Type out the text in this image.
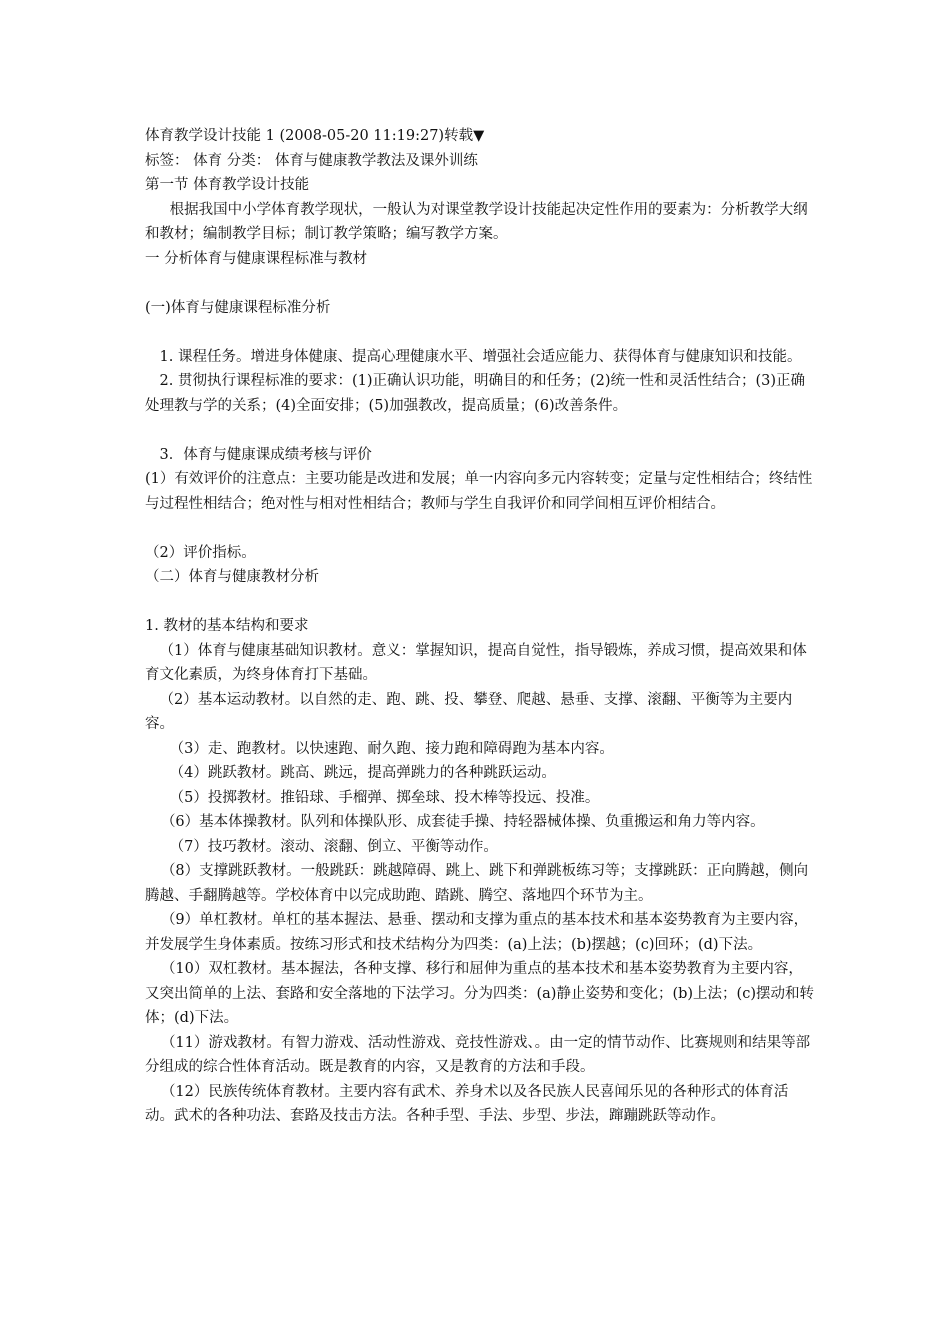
体育教学设计技能 1 (2008-05-20 11:19:27)转载▼

标签： 体育 分类： 体育与健康教学教法及课外训练

第一节 体育教学设计技能

根据我国中小学体育教学现状，一般认为对课堂教学设计技能起决定性作用的要素为：分析教学大纲和教材；编制教学目标；制订教学策略；编写教学方案。

一 分析体育与健康课程标准与教材

(一)体育与健康课程标准分析

1. 课程任务。增进身体健康、提高心理健康水平、增强社会适应能力、获得体育与健康知识和技能。

2. 贯彻执行课程标准的要求：(1)正确认识功能，明确目的和任务；(2)统一性和灵活性结合；(3)正确处理教与学的关系；(4)全面安排；(5)加强教改，提高质量；(6)改善条件。

3．体育与健康课成绩考核与评价

(1）有效评价的注意点：主要功能是改进和发展；单一内容向多元内容转变；定量与定性相结合；终结性与过程性相结合；绝对性与相对性相结合；教师与学生自我评价和同学间相互评价相结合。

（2）评价指标。

（二）体育与健康教材分析

1. 教材的基本结构和要求

（1）体育与健康基础知识教材。意义：掌握知识，提高自觉性，指导锻炼，养成习惯，提高效果和体育文化素质，为终身体育打下基础。

（2）基本运动教材。以自然的走、跑、跳、投、攀登、爬越、悬垂、支撑、滚翻、平衡等为主要内容。

（3）走、跑教材。以快速跑、耐久跑、接力跑和障碍跑为基本内容。

（4）跳跃教材。跳高、跳远，提高弹跳力的各种跳跃运动。

（5）投掷教材。推铅球、手榴弹、掷垒球、投木棒等投远、投准。

（6）基本体操教材。队列和体操队形、成套徒手操、持轻器械体操、负重搬运和角力等内容。

（7）技巧教材。滚动、滚翻、倒立、平衡等动作。

（8）支撑跳跃教材。一般跳跃：跳越障碍、跳上、跳下和弹跳板练习等；支撑跳跃：正向腾越，侧向腾越、手翻腾越等。学校体育中以完成助跑、踏跳、腾空、落地四个环节为主。

（9）单杠教材。单杠的基本握法、悬垂、摆动和支撑为重点的基本技术和基本姿势教育为主要内容，并发展学生身体素质。按练习形式和技术结构分为四类：(a)上法；(b)摆越；(c)回环；(d)下法。

（10）双杠教材。基本握法，各种支撑、移行和屈伸为重点的基本技术和基本姿势教育为主要内容，又突出简单的上法、套路和安全落地的下法学习。分为四类：(a)静止姿势和变化；(b)上法；(c)摆动和转体；(d)下法。

（11）游戏教材。有智力游戏、活动性游戏、竞技性游戏、。由一定的情节动作、比赛规则和结果等部分组成的综合性体育活动。既是教育的内容，又是教育的方法和手段。

（12）民族传统体育教材。主要内容有武术、养身术以及各民族人民喜闻乐见的各种形式的体育活动。武术的各种功法、套路及技击方法。各种手型、手法、步型、步法，蹿蹦跳跃等动作。
